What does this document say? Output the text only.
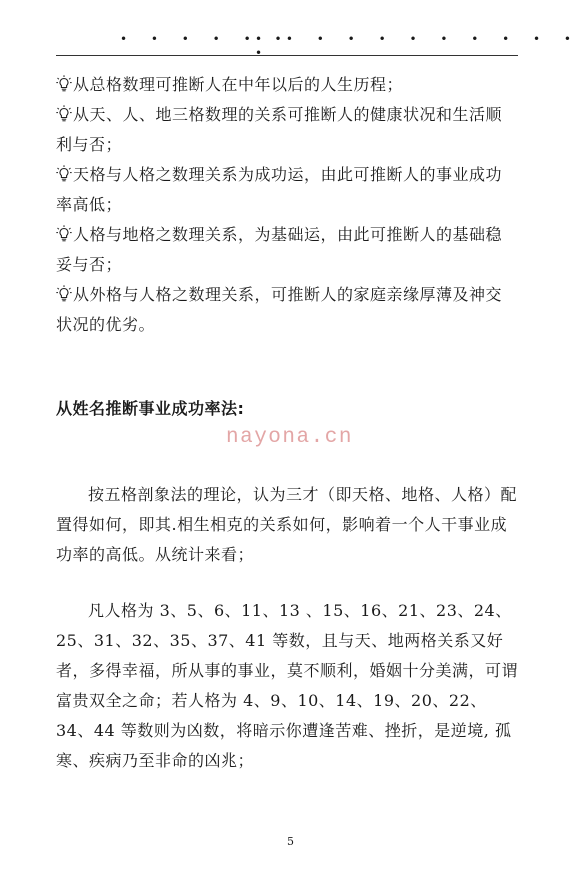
• • • • • •
• • • • • • • • • • • •

从总格数理可推断人在中年以后的人生历程；

从天、人、地三格数理的关系可推断人的健康状况和生活顺利与否；

天格与人格之数理关系为成功运，由此可推断人的事业成功率高低；

人格与地格之数理关系，为基础运，由此可推断人的基础稳妥与否；

从外格与人格之数理关系，可推断人的家庭亲缘厚薄及神交状况的优劣。

从姓名推断事业成功率法:
nayona.cn

按五格剖象法的理论，认为三才（即天格、地格、人格）配置得如何，即其.相生相克的关系如何，影响着一个人干事业成功率的高低。从统计来看；

凡人格为 3、5、6、11、13 、15、16、21、23、24、25、31、32、35、37、41 等数，且与天、地两格关系又好者，多得幸福，所从事的事业，莫不顺利，婚姻十分美满，可谓富贵双全之命；若人格为 4、9、10、14、19、20、22、34、44 等数则为凶数，将暗示你遭逢苦难、挫折，是逆境, 孤寒、疾病乃至非命的凶兆；

5
